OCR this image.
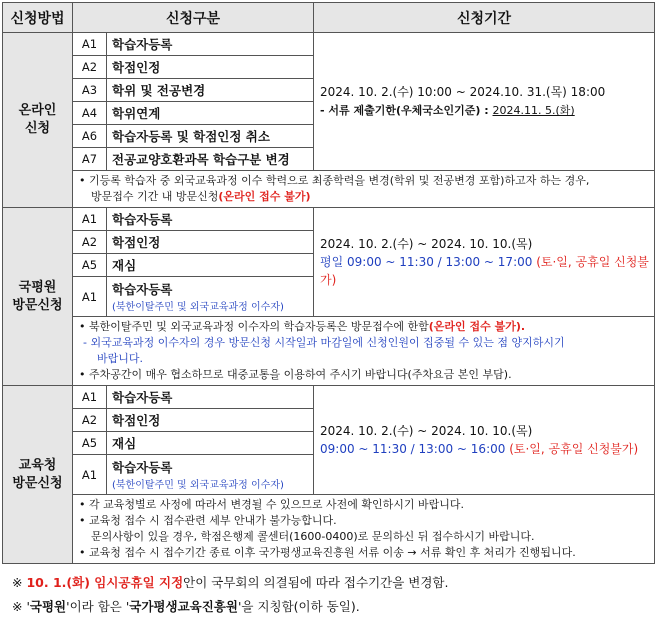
신청방법	신청구분		신청기간
온라인
신청	A1	학습자등록	2024. 10. 2.(수) 10:00 ~ 2024.10. 31.(목) 18:00
- 서류 제출기한(우체국소인기준) : 2024.11. 5.(화)
	A2	학점인정	
	A3	학위 및 전공변경	
	A4	학위연계	
	A6	학습자등록 및 학점인정 취소	
	A7	전공교양호환과목 학습구분 변경	
	• 기등록 학습자 중 외국교육과정 이수 학력으로 최종학력을 변경(학위 및 전공변경 포함)하고자 하는 경우,

방문접수 기간 내 방문신청(온라인 접수 불가)		

국평원
방문신청	A1	학습자등록	2024. 10. 2.(수) ~ 2024. 10. 10.(목)
평일 09:00 ~ 11:30 / 13:00 ~ 17:00 (토·일, 공휴일 신청불가)
	A2	학점인정	
	A5	재심	
	A1	학습자등록
(북한이탈주민 및 외국교육과정 이수자)	

	• 북한이탈주민 및 외국교육과정 이수자의 학습자등록은 방문접수에 한함(온라인 접수 불가).
- 외국교육과정 이수자의 경우 방문신청 시작일과 마감일에 신청인원이 집중될 수 있는 점 양지하시기

바랍니다.
• 주차공간이 매우 협소하므로 대중교통을 이용하여 주시기 바랍니다(주차요금 본인 부담).		
교육청
방문신청	A1	학습자등록	2024. 10. 2.(수) ~ 2024. 10. 10.(목)
09:00 ~ 11:30 / 13:00 ~ 16:00 (토·일, 공휴일 신청불가)
	A2	학점인정	
	A5	재심	
	A1	학습자등록
(북한이탈주민 및 외국교육과정 이수자)	

	• 각 교육청별로 사정에 따라서 변경될 수 있으므로 사전에 확인하시기 바랍니다.
• 교육청 접수 시 접수관련 세부 안내가 불가능합니다.

문의사항이 있을 경우, 학점은행제 콜센터(1600-0400)로 문의하신 뒤 접수하시기 바랍니다.
• 교육청 접수 시 접수기간 종료 이후 국가평생교육진흥원 서류 이송 → 서류 확인 후 처리가 진행됩니다.		
※ 10. 1.(화) 임시공휴일 지정안이 국무회의 의결됨에 따라 접수기간을 변경함.
※ '국평원'이라 함은 '국가평생교육진흥원'을 지칭함(이하 동일).
